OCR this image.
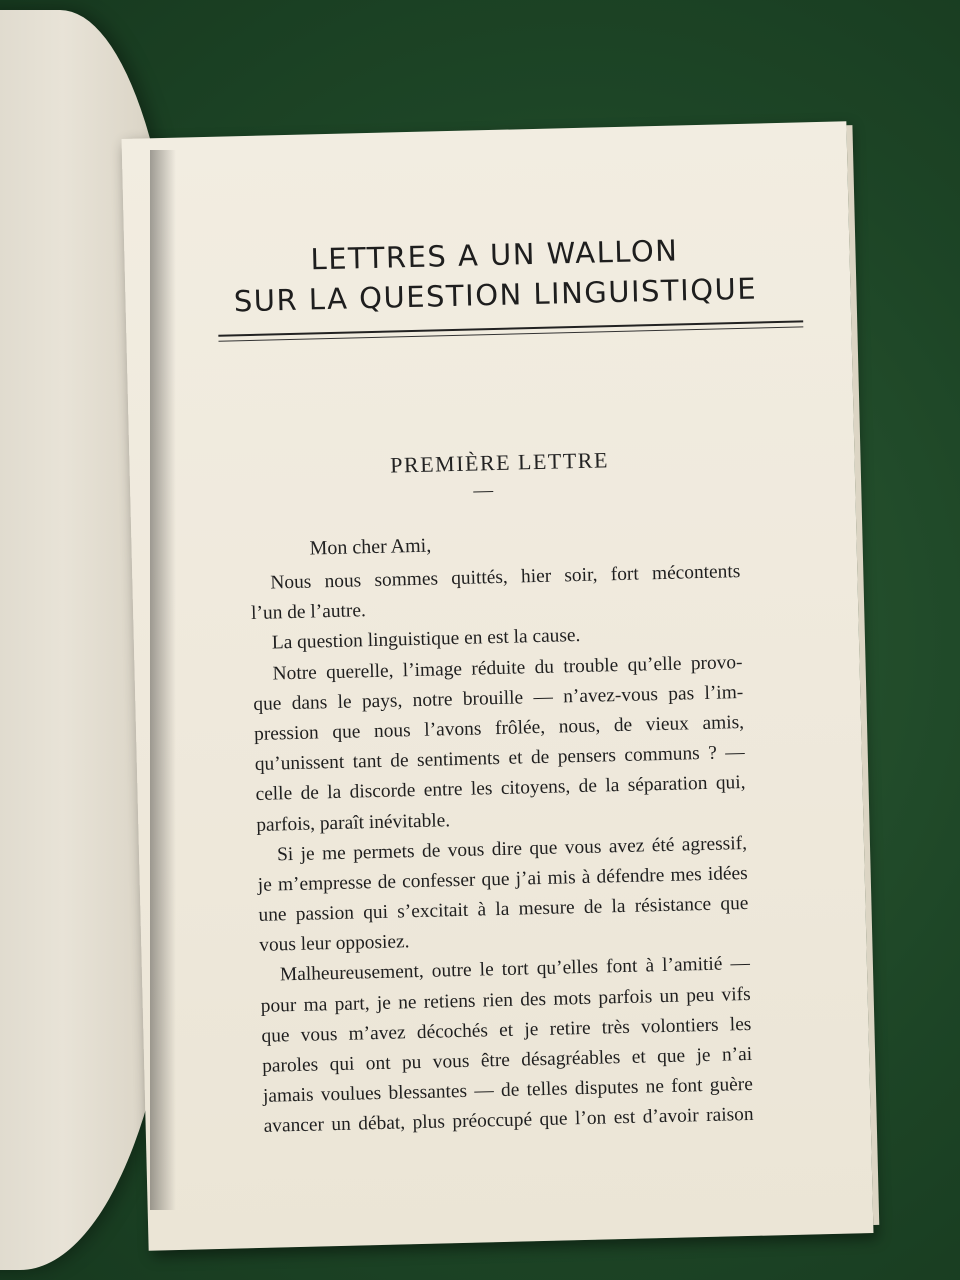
LETTRES A UN WALLON
SUR LA QUESTION LINGUISTIQUE
PREMIÈRE LETTRE
Mon cher Ami,
Nous nous sommes quittés, hier soir, fort mécontents
l’un de l’autre.
La question linguistique en est la cause.
Notre querelle, l’image réduite du trouble qu’elle provo-
que dans le pays, notre brouille — n’avez-vous pas l’im-
pression que nous l’avons frôlée, nous, de vieux amis,
qu’unissent tant de sentiments et de pensers communs ? —
celle de la discorde entre les citoyens, de la séparation qui,
parfois, paraît inévitable.
Si je me permets de vous dire que vous avez été agressif,
je m’empresse de confesser que j’ai mis à défendre mes idées
une passion qui s’excitait à la mesure de la résistance que
vous leur opposiez.
Malheureusement, outre le tort qu’elles font à l’amitié —
pour ma part, je ne retiens rien des mots parfois un peu vifs
que vous m’avez décochés et je retire très volontiers les
paroles qui ont pu vous être désagréables et que je n’ai
jamais voulues blessantes — de telles disputes ne font guère
avancer un débat, plus préoccupé que l’on est d’avoir raison
